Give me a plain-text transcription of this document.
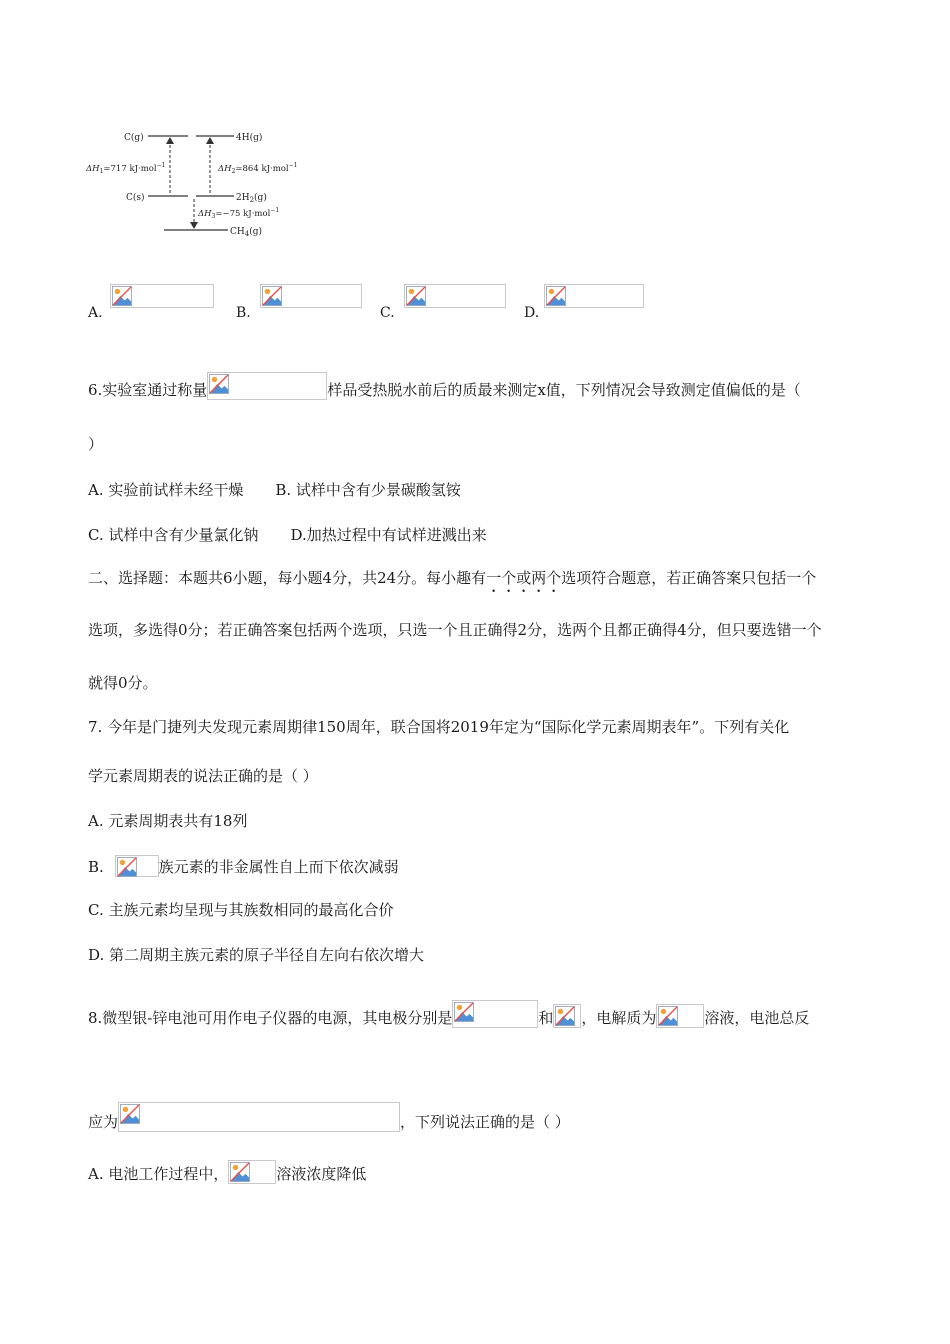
C(g)	4H(g)
C(s)	$2H_2(g)$
$CH_4(g)$
$\Delta H_1=717$ kJ·mol$^{-1}$	$\Delta H_2=864$ kJ·mol$^{-1}$
$\Delta H_3=-75$ kJ·mol$^{-1}$
A.	B.	C.	D.
6.实验室通过称量	样品受热脱水前后的质最来测定x值，下列情况会导致测定值偏低的是（
）
A. 实验前试样未经干燥 B. 试样中含有少景碳酸氢铵
C. 试样中含有少量氯化钠 D.加热过程中有试样进溅出来
二、选择题：本题共6小题，每小题4分，共24分。每小趣有一个或两个选项符合题意，若正确答案只包括一个
选项，多选得0分；若正确答案包括两个选项，只选一个且正确得2分，选两个且都正确得4分，但只要选错一个
就得0分。
7. 今年是门捷列夫发现元素周期律150周年，联合国将2019年定为“国际化学元素周期表年”。下列有关化
学元素周期表的说法正确的是（ ）
A. 元素周期表共有18列
B.	族元素的非金属性自上而下依次减弱
C. 主族元素均呈现与其族数相同的最高化合价
D. 第二周期主族元素的原子半径自左向右依次增大
8.微型银-锌电池可用作电子仪器的电源，其电极分别是	和 ，电解质为	溶液，电池总反
应为	，下列说法正确的是（ ）
A. 电池工作过程中，	溶液浓度降低
